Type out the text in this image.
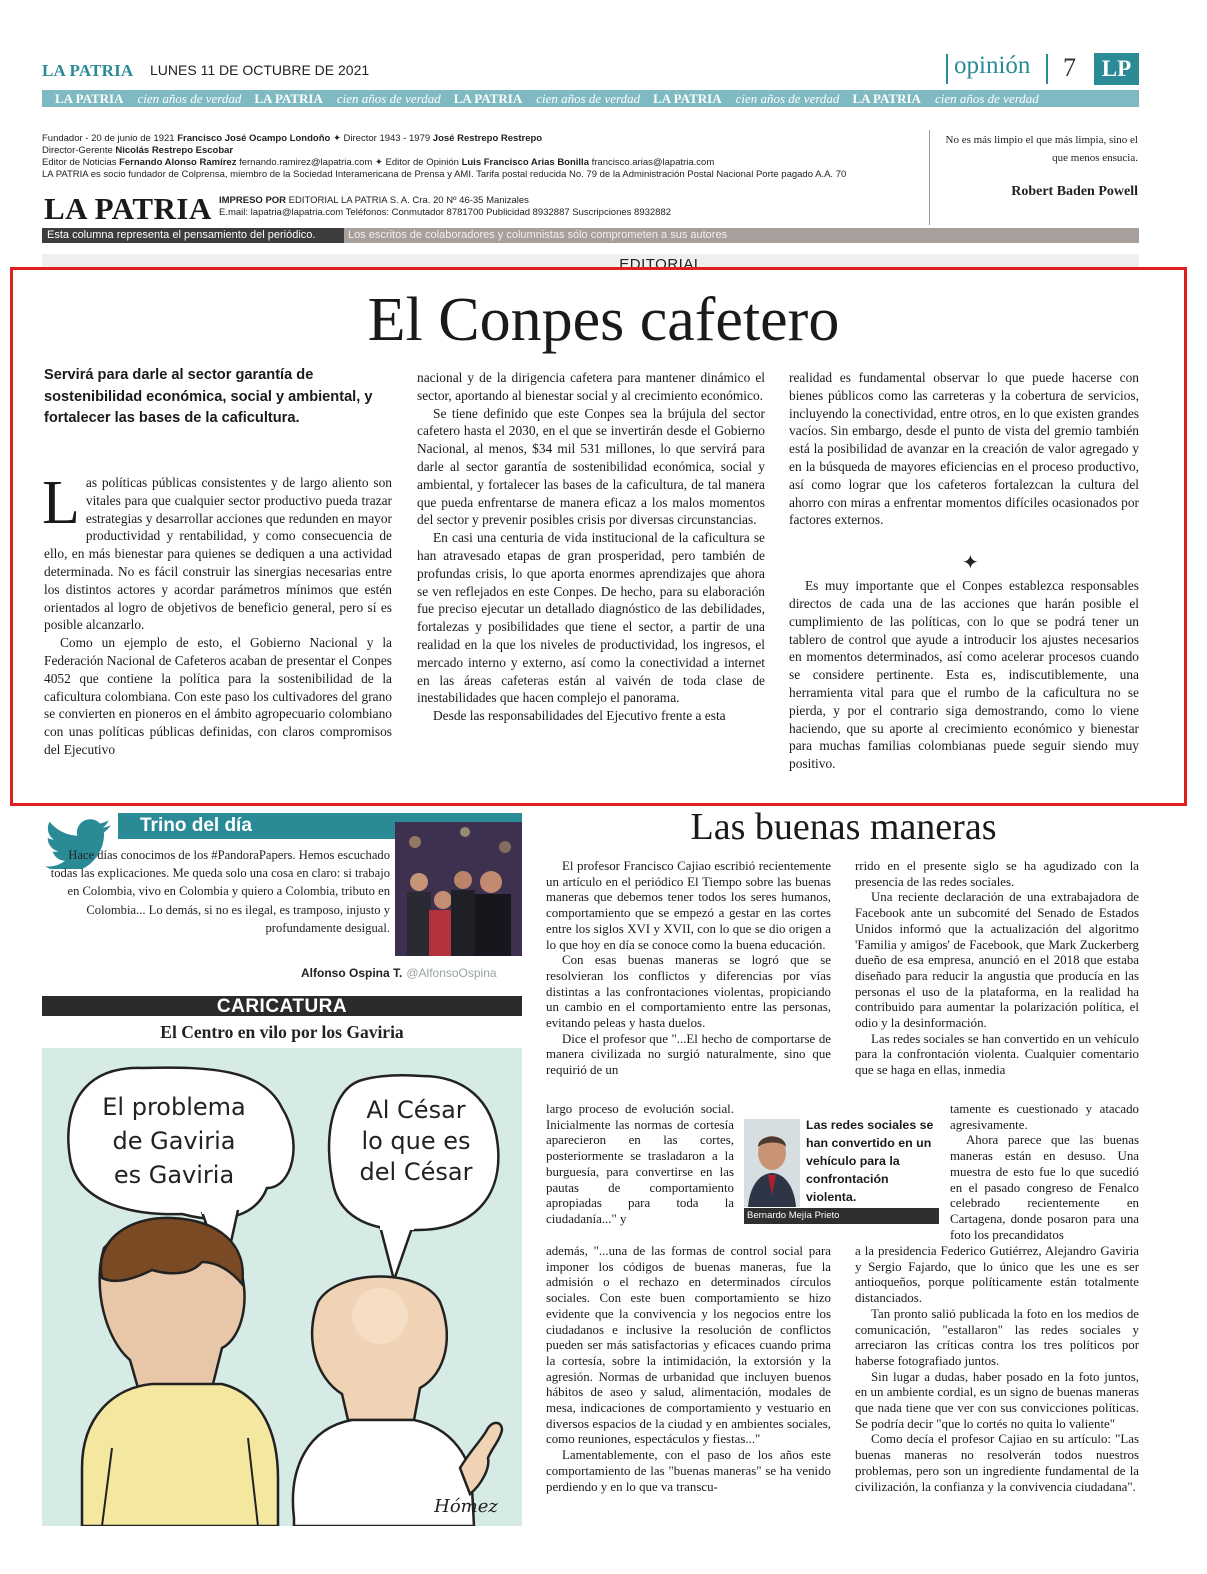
LA PATRIA LUNES 11 DE OCTUBRE DE 2021	opinión 7	LP
LA PATRIA cien años de verdad LA PATRIA cien años de verdad LA PATRIA cien años de verdad LA PATRIA cien años de verdad LA PATRIA cien años de verdad
Fundador - 20 de junio de 1921 Francisco José Ocampo Londoño ✦ Director 1943 - 1979 José Restrepo Restrepo
Director-Gerente Nicolás Restrepo Escobar
Editor de Noticias Fernando Alonso Ramírez fernando.ramirez@lapatria.com ✦ Editor de Opinión Luis Francisco Arias Bonilla francisco.arias@lapatria.com
LA PATRIA es socio fundador de Colprensa, miembro de la Sociedad Interamericana de Prensa y AMI. Tarifa postal reducida No. 79 de la Administración Postal Nacional Porte pagado A.A. 70
LA PATRIA IMPRESO POR EDITORIAL LA PATRIA S. A. Cra. 20 Nº 46-35 Manizales
E.mail: lapatria@lapatria.com Teléfonos: Conmutador 8781700 Publicidad 8932887 Suscripciones 8932882
No es más limpio el que más limpia, sino el que menos ensucia.
Robert Baden Powell
Esta columna representa el pensamiento del periódico.	Los escritos de colaboradores y columnistas sólo comprometen a sus autores
EDITORIAL
El Conpes cafetero
Servirá para darle al sector garantía de sostenibilidad económica, social y ambiental, y fortalecer las bases de la caficultura.

Las políticas públicas consistentes y de largo aliento son vitales para que cualquier sector productivo pueda trazar estrategias y desarrollar acciones que redunden en mayor productividad y rentabilidad, y como consecuencia de ello, en más bienestar para quienes se dediquen a una actividad determinada. No es fácil construir las sinergias necesarias entre los distintos actores y acordar parámetros mínimos que estén orientados al logro de objetivos de beneficio general, pero sí es posible alcanzarlo.

Como un ejemplo de esto, el Gobierno Nacional y la Federación Nacional de Cafeteros acaban de presentar el Conpes 4052 que contiene la política para la sostenibilidad de la caficultura colombiana. Con este paso los cultivadores del grano se convierten en pioneros en el ámbito agropecuario colombiano con unas políticas públicas definidas, con claros compromisos del Ejecutivo

nacional y de la dirigencia cafetera para mantener dinámico el sector, aportando al bienestar social y al crecimiento económico.

Se tiene definido que este Conpes sea la brújula del sector cafetero hasta el 2030, en el que se invertirán desde el Gobierno Nacional, al menos, $34 mil 531 millones, lo que servirá para darle al sector garantía de sostenibilidad económica, social y ambiental, y fortalecer las bases de la caficultura, de tal manera que pueda enfrentarse de manera eficaz a los malos momentos del sector y prevenir posibles crisis por diversas circunstancias.

En casi una centuria de vida institucional de la caficultura se han atravesado etapas de gran prosperidad, pero también de profundas crisis, lo que aporta enormes aprendizajes que ahora se ven reflejados en este Conpes. De hecho, para su elaboración fue preciso ejecutar un detallado diagnóstico de las debilidades, fortalezas y posibilidades que tiene el sector, a partir de una realidad en la que los niveles de productividad, los ingresos, el mercado interno y externo, así como la conectividad a internet en las áreas cafeteras están al vaivén de toda clase de inestabilidades que hacen complejo el panorama.

Desde las responsabilidades del Ejecutivo frente a esta

realidad es fundamental observar lo que puede hacerse con bienes públicos como las carreteras y la cobertura de servicios, incluyendo la conectividad, entre otros, en lo que existen grandes vacíos. Sin embargo, desde el punto de vista del gremio también está la posibilidad de avanzar en la creación de valor agregado y en la búsqueda de mayores eficiencias en el proceso productivo, así como lograr que los cafeteros fortalezcan la cultura del ahorro con miras a enfrentar momentos difíciles ocasionados por factores externos.

Es muy importante que el Conpes establezca responsables directos de cada una de las acciones que harán posible el cumplimiento de las políticas, con lo que se podrá tener un tablero de control que ayude a introducir los ajustes necesarios en momentos determinados, así como acelerar procesos cuando se considere pertinente. Esta es, indiscutiblemente, una herramienta vital para que el rumbo de la caficultura no se pierda, y por el contrario siga demostrando, como lo viene haciendo, que su aporte al crecimiento económico y bienestar para muchas familias colombianas puede seguir siendo muy positivo.

✦
Trino del día
Hace días conocimos de los #PandoraPapers. Hemos escuchado todas las explicaciones. Me queda solo una cosa en claro: si trabajo en Colombia, vivo en Colombia y quiero a Colombia, tributo en Colombia... Lo demás, si no es ilegal, es tramposo, injusto y profundamente desigual.
Alfonso Ospina T. @AlfonsoOspina
CARICATURA
El Centro en vilo por los Gaviria
El problema
de Gaviria
es Gaviria
Al César
lo que es
del César
Hómez
Las buenas maneras

El profesor Francisco Cajiao escribió recientemente un artículo en el periódico El Tiempo sobre las buenas maneras que debemos tener todos los seres humanos, comportamiento que se empezó a gestar en las cortes entre los siglos XVI y XVII, con lo que se dio origen a lo que hoy en día se conoce como la buena educación.

Con esas buenas maneras se logró que se resolvieran los conflictos y diferencias por vías distintas a las confrontaciones violentas, propiciando un cambio en el comportamiento entre las personas, evitando peleas y hasta duelos.

Dice el profesor que "...El hecho de comportarse de manera civilizada no surgió naturalmente, sino que requirió de un

largo proceso de evolución social. Inicialmente las normas de cortesía aparecieron en las cortes, posteriormente se trasladaron a la burguesía, para convertirse en las pautas de comportamiento apropiadas para toda la ciudadanía..." y

además, "...una de las formas de control social para imponer los códigos de buenas maneras, fue la admisión o el rechazo en determinados círculos sociales. Con este buen comportamiento se hizo evidente que la convivencia y los negocios entre los ciudadanos e inclusive la resolución de conflictos pueden ser más satisfactorias y eficaces cuando prima la cortesía, sobre la intimidación, la extorsión y la agresión. Normas de urbanidad que incluyen buenos hábitos de aseo y salud, alimentación, modales de mesa, indicaciones de comportamiento y vestuario en diversos espacios de la ciudad y en ambientes sociales, como reuniones, espectáculos y fiestas..."

Lamentablemente, con el paso de los años este comportamiento de las "buenas maneras" se ha venido perdiendo y en lo que va transcu-

rrido en el presente siglo se ha agudizado con la presencia de las redes sociales.

Una reciente declaración de una extrabajadora de Facebook ante un subcomité del Senado de Estados Unidos informó que la actualización del algoritmo 'Familia y amigos' de Facebook, que Mark Zuckerberg dueño de esa empresa, anunció en el 2018 que estaba diseñado para reducir la angustia que producía en las personas el uso de la plataforma, en la realidad ha contribuido para aumentar la polarización política, el odio y la desinformación.

Las redes sociales se han convertido en un vehículo para la confrontación violenta. Cualquier comentario que se haga en ellas, inmedia

tamente es cuestionado y atacado agresivamente.

Ahora parece que las buenas maneras están en desuso. Una muestra de esto fue lo que sucedió en el pasado congreso de Fenalco celebrado recientemente en Cartagena, donde posaron para una foto los precandidatos

a la presidencia Federico Gutiérrez, Alejandro Gaviria y Sergio Fajardo, que lo único que les une es ser antioqueños, porque políticamente están totalmente distanciados.

Tan pronto salió publicada la foto en los medios de comunicación, "estallaron" las redes sociales y arreciaron las críticas contra los tres políticos por haberse fotografiado juntos.

Sin lugar a dudas, haber posado en la foto juntos, en un ambiente cordial, es un signo de buenas maneras que nada tiene que ver con sus convicciones políticas. Se podría decir "que lo cortés no quita lo valiente"

Como decía el profesor Cajiao en su artículo: "Las buenas maneras no resolverán todos nuestros problemas, pero son un ingrediente fundamental de la civilización, la confianza y la convivencia ciudadana".

Bernardo Mejía Prieto
Las redes sociales se han convertido en un vehículo para la confrontación violenta.
